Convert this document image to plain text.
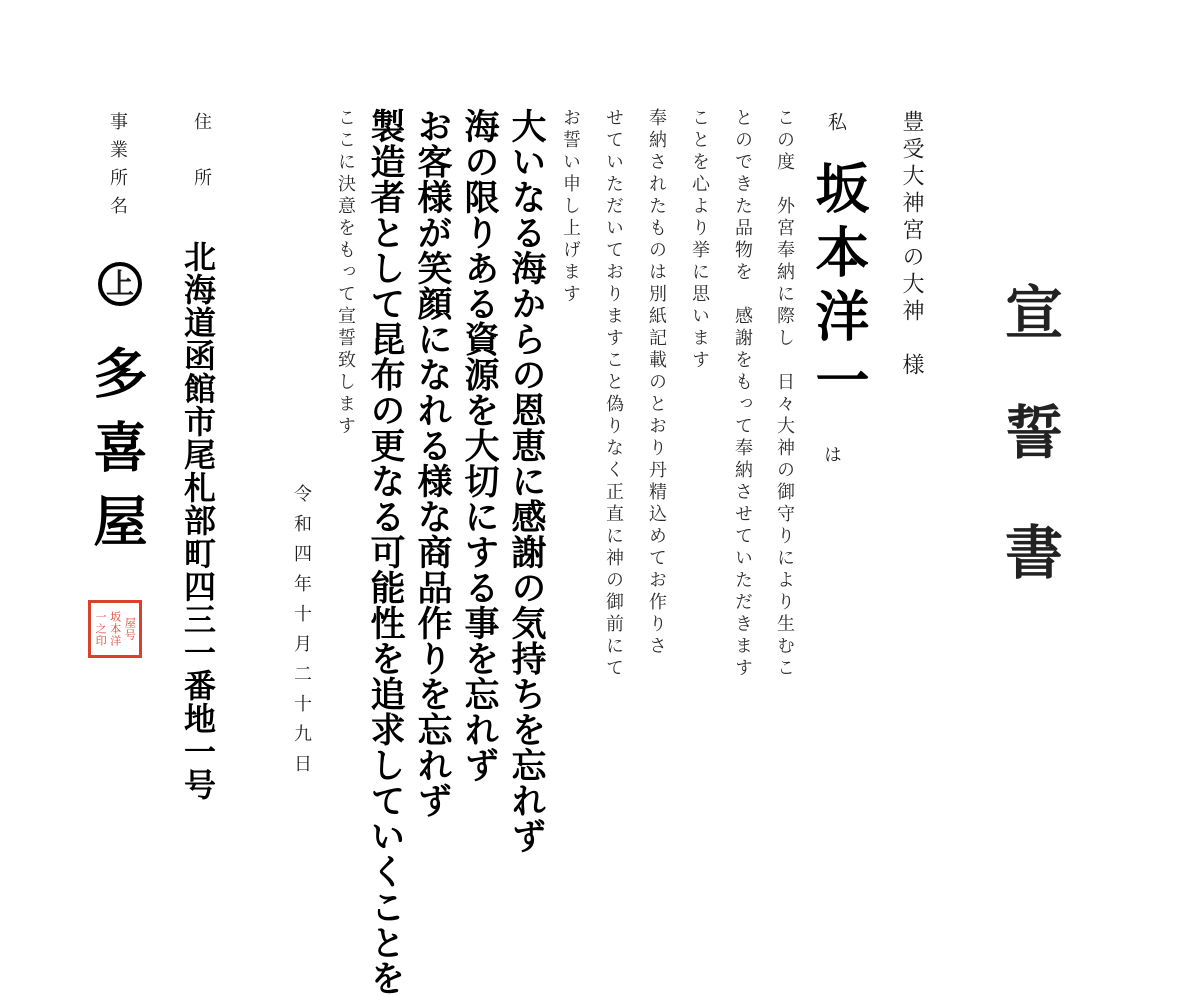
宣誓書
豊受大神宮の大神　様
私
坂本洋一
は
この度　外宮奉納に際し　日々大神の御守りにより生むこ
とのできた品物を　感謝をもって奉納させていただきます
ことを心より挙に思います
奉納されたものは別紙記載のとおり丹精込めてお作りさ
せていただいておりますこと偽りなく正直に神の御前にて
お誓い申し上げます
大いなる海からの恩恵に感謝の気持ちを忘れず
海の限りある資源を大切にする事を忘れず
お客様が笑顔になれる様な商品作りを忘れず
製造者として昆布の更なる可能性を追求していくことを
ここに決意をもって宣誓致します
令和四年十月二十九日
住　所
北海道函館市尾札部町四三一番地一号
事業所名
上
多喜屋
屋号
坂本洋
一之印
